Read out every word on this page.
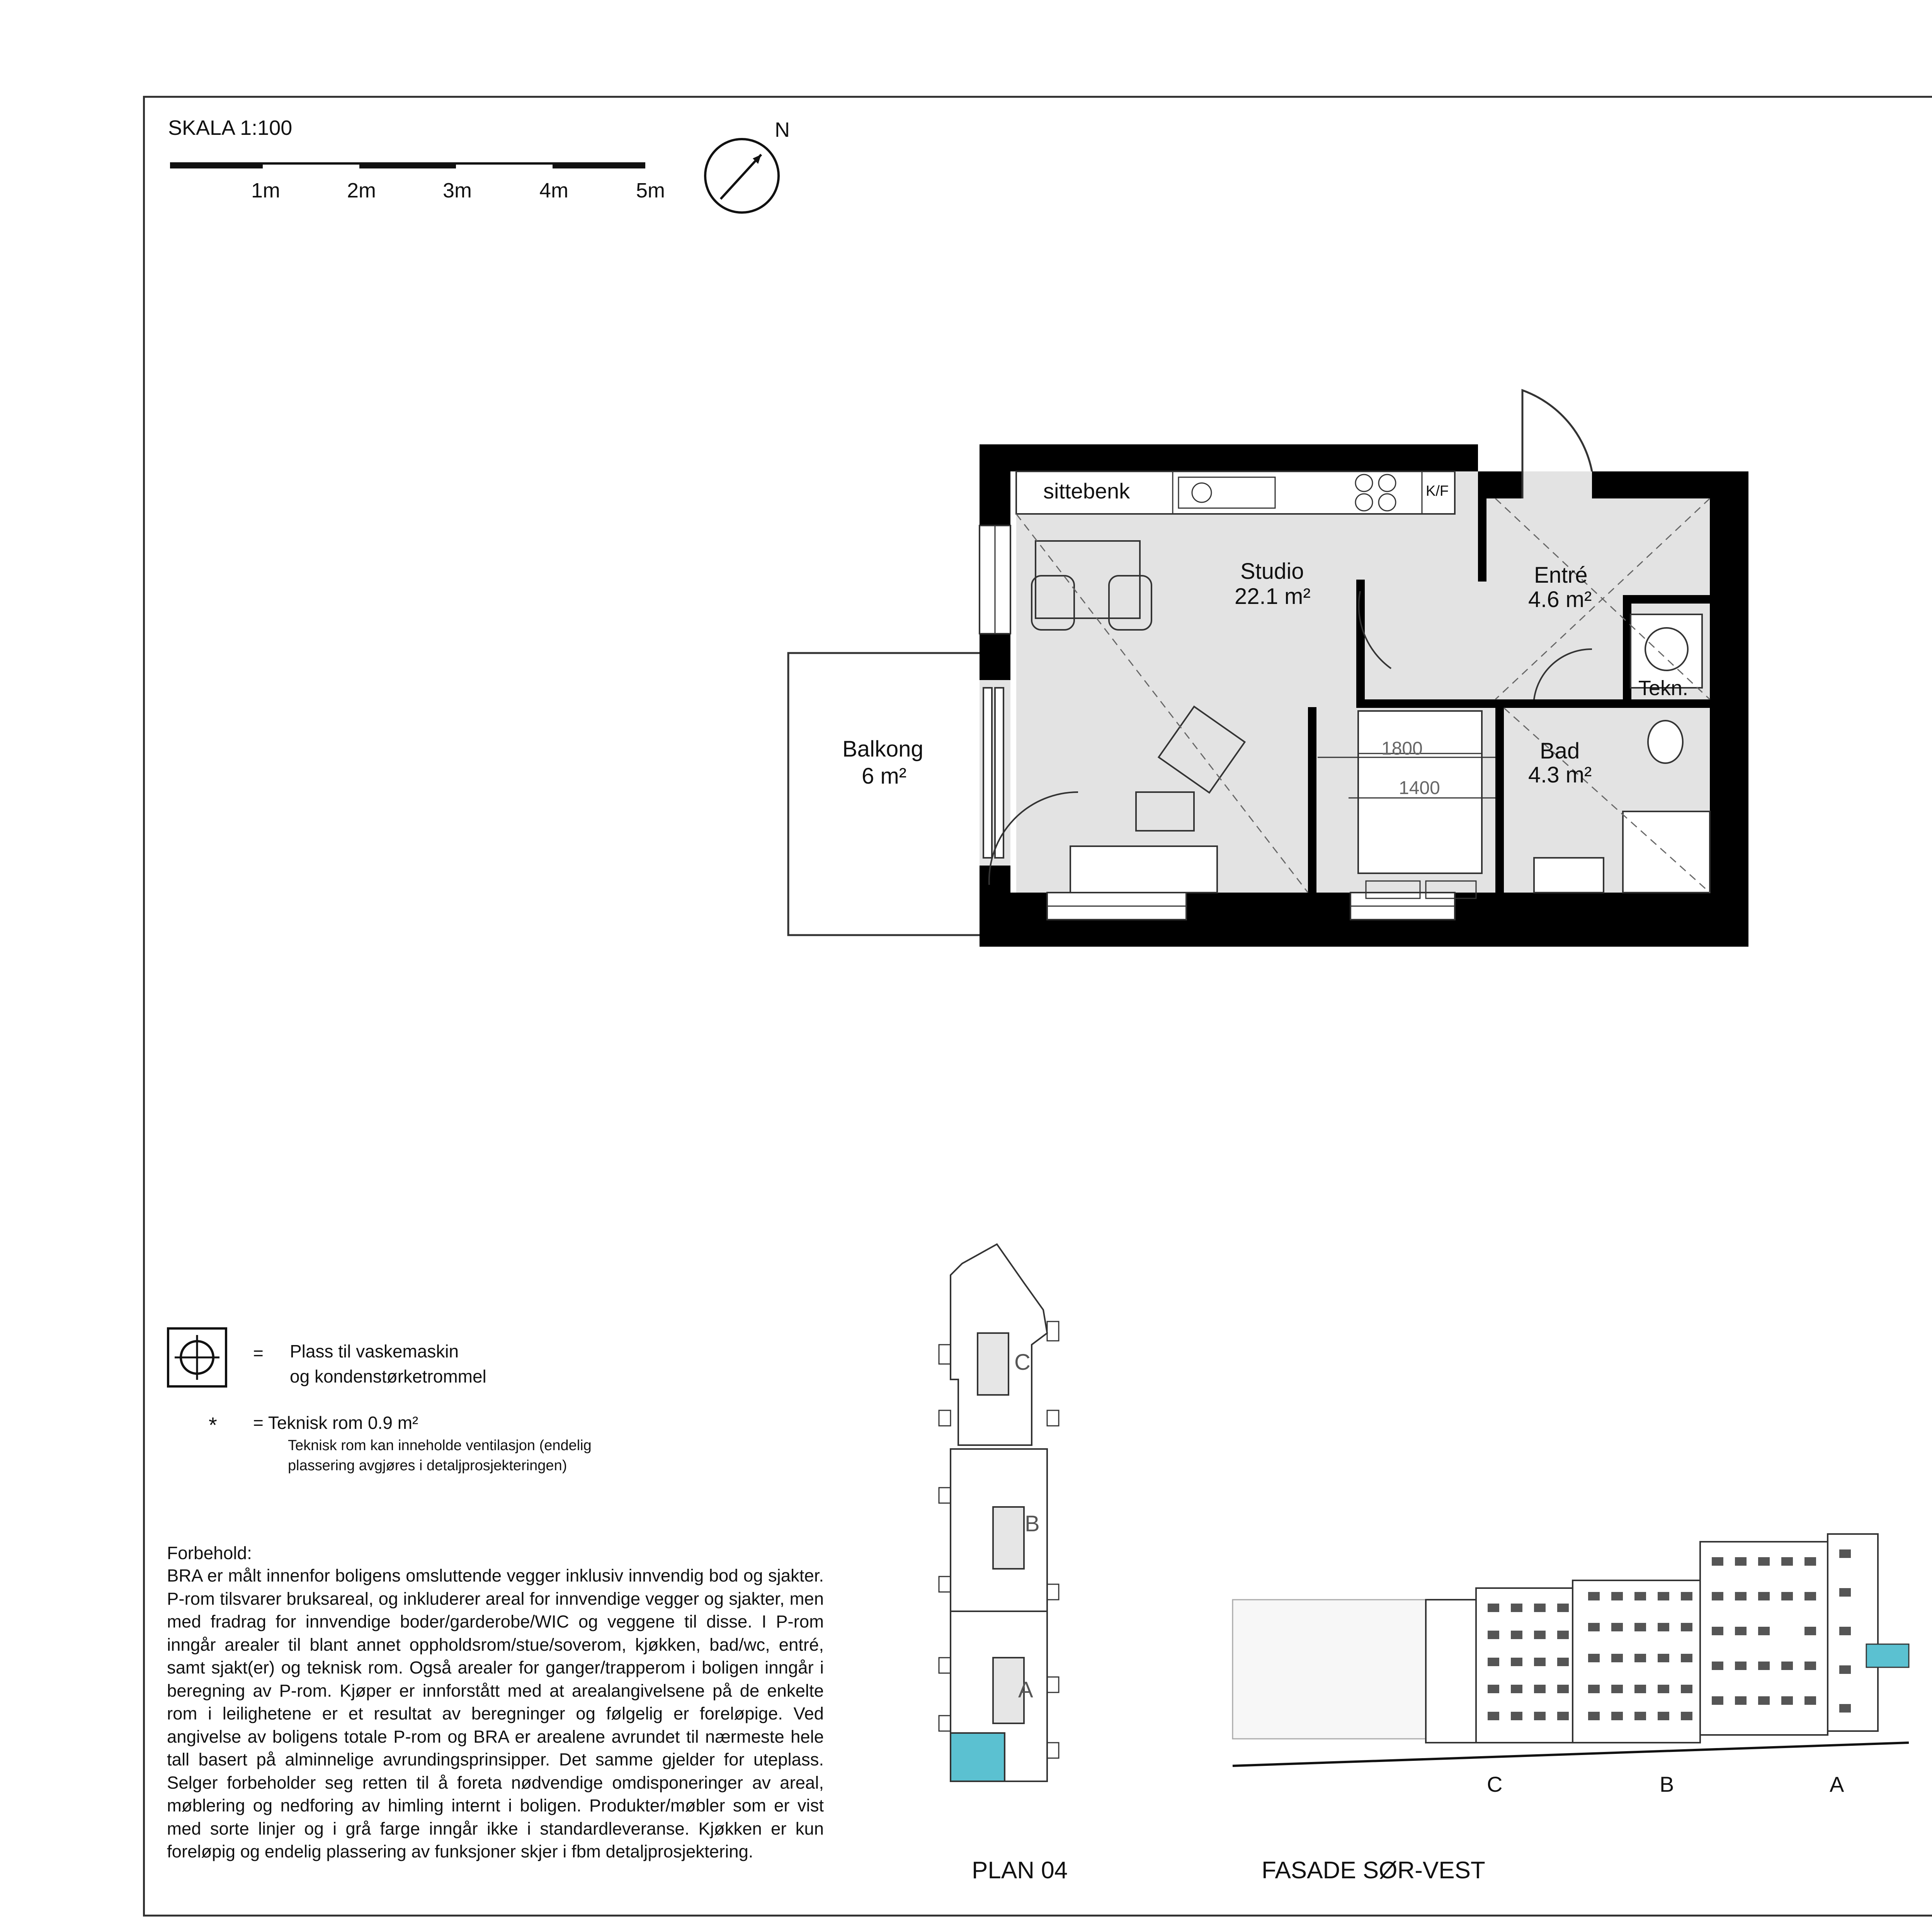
SKALA 1:100
1m	2m	3m	4m	5m
N
sittebenk	K/F
Studio
22.1 m²
Entré
4.6 m²
Tekn.
Bad
4.3 m²
1800
1400
Balkong
6 m²
= Plass til vaskemaskin
og kondenstørketrommel
* = Teknisk rom 0.9 m²
Teknisk rom kan inneholde ventilasjon (endelig
plassering avgjøres i detaljprosjekteringen)
Forbehold:
BRA er målt innenfor boligens omsluttende vegger inklusiv innvendig bod og sjakter. P-rom tilsvarer bruksareal, og inkluderer areal for innvendige vegger og sjakter, men med fradrag for innvendige boder/garderobe/WIC og veggene til disse. I P-rom inngår arealer til blant annet oppholdsrom/stue/soverom, kjøkken, bad/wc, entré, samt sjakt(er) og teknisk rom. Også arealer for ganger/trapperom i boligen inngår i beregning av P-rom. Kjøper er innforstått med at arealangivelsene på de enkelte rom i leilighetene er et resultat av beregninger og følgelig er foreløpige. Ved angivelse av boligens totale P-rom og BRA er arealene avrundet til nærmeste hele tall basert på alminnelige avrundingsprinsipper. Det samme gjelder for uteplass. Selger forbeholder seg retten til å foreta nødvendige omdisponeringer av areal, møblering og nedforing av himling internt i boligen. Produkter/møbler som er vist med sorte linjer og i grå farge inngår ikke i standardleveranse. Kjøkken er kun foreløpig og endelig plassering av funksjoner skjer i fbm detaljprosjektering.
C
B
A
PLAN 04
C	B	A
FASADE SØR-VEST
